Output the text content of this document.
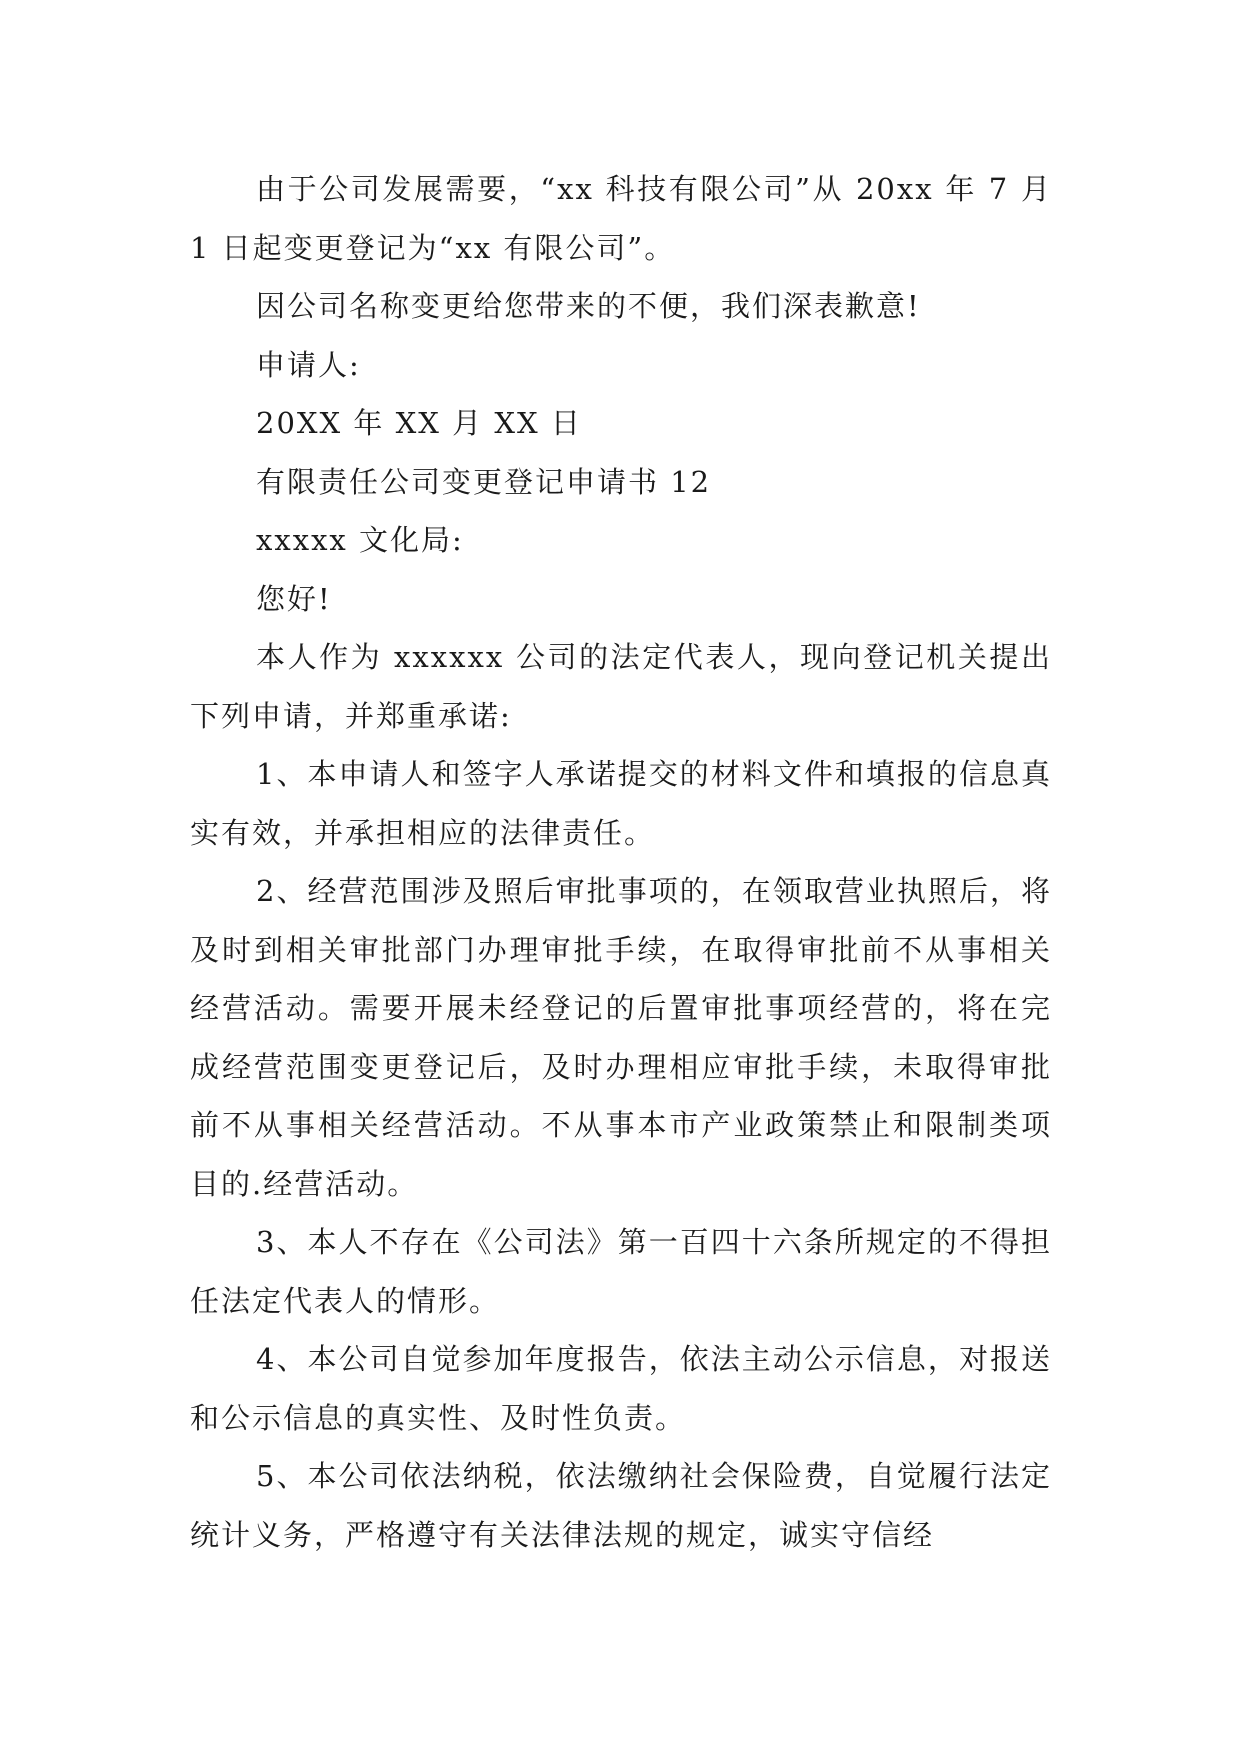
由于公司发展需要，“xx 科技有限公司”从 20xx 年 7 月 1 日起变更登记为“xx 有限公司”。

因公司名称变更给您带来的不便，我们深表歉意!

申请人:

20XX 年 XX 月 XX 日

有限责任公司变更登记申请书 12

xxxxx 文化局:

您好!

本人作为 xxxxxx 公司的法定代表人，现向登记机关提出下列申请，并郑重承诺:

1、本申请人和签字人承诺提交的材料文件和填报的信息真实有效，并承担相应的法律责任。

2、经营范围涉及照后审批事项的，在领取营业执照后，将及时到相关审批部门办理审批手续，在取得审批前不从事相关经营活动。需要开展未经登记的后置审批事项经营的，将在完成经营范围变更登记后，及时办理相应审批手续，未取得审批前不从事相关经营活动。不从事本市产业政策禁止和限制类项目的.经营活动。

3、本人不存在《公司法》第一百四十六条所规定的不得担任法定代表人的情形。

4、本公司自觉参加年度报告，依法主动公示信息，对报送和公示信息的真实性、及时性负责。

5、本公司依法纳税，依法缴纳社会保险费，自觉履行法定统计义务，严格遵守有关法律法规的规定，诚实守信经
